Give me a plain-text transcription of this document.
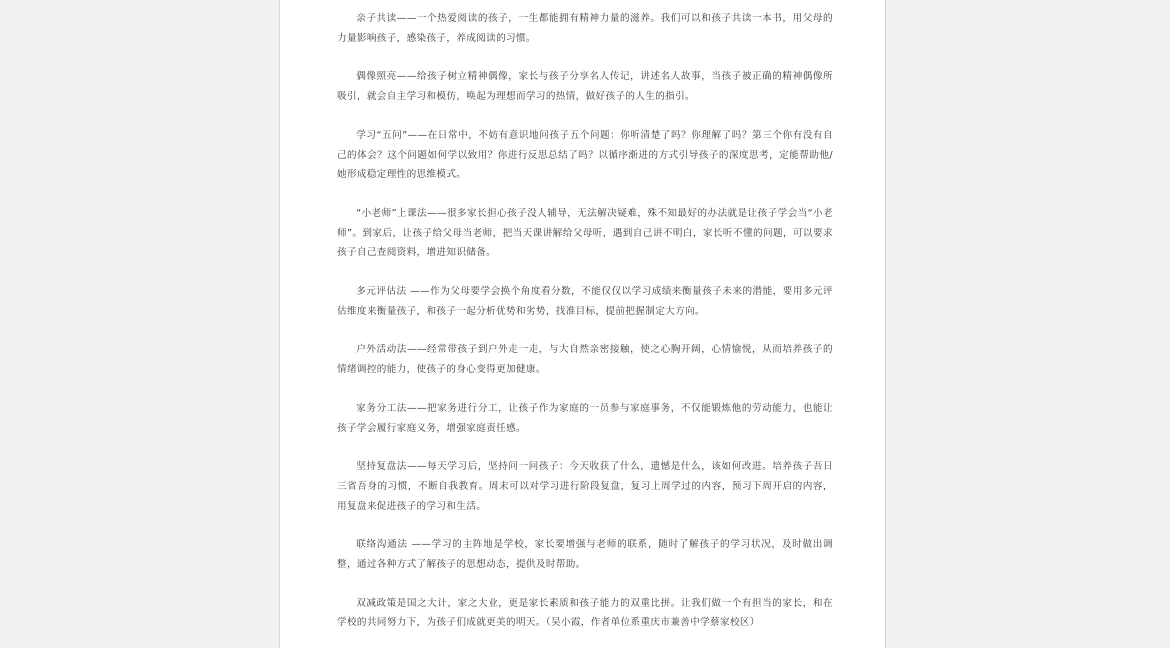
亲子共读——一个热爱阅读的孩子，一生都能拥有精神力量的滋养。我们可以和孩子共读一本书，用父母的力量影响孩子，感染孩子，养成阅读的习惯。

偶像照亮——给孩子树立精神偶像，家长与孩子分享名人传记，讲述名人故事，当孩子被正确的精神偶像所吸引，就会自主学习和模仿，唤起为理想而学习的热情，做好孩子的人生的指引。

学习“五问”——在日常中，不妨有意识地问孩子五个问题：你听清楚了吗？你理解了吗？第三个你有没有自己的体会？这个问题如何学以致用？你进行反思总结了吗？以循序渐进的方式引导孩子的深度思考，定能帮助他/她形成稳定理性的思维模式。

“小老师”上课法——很多家长担心孩子没人辅导，无法解决疑难，殊不知最好的办法就是让孩子学会当“小老师”。到家后，让孩子给父母当老师，把当天课讲解给父母听，遇到自己讲不明白，家长听不懂的问题，可以要求孩子自己查阅资料，增进知识储备。

多元评估法 ——作为父母要学会换个角度看分数，不能仅仅以学习成绩来衡量孩子未来的潜能，要用多元评估维度来衡量孩子，和孩子一起分析优势和劣势，找准目标，提前把握制定大方向。

户外活动法——经常带孩子到户外走一走，与大自然亲密接触，使之心胸开阔，心情愉悦，从而培养孩子的情绪调控的能力，使孩子的身心变得更加健康。

家务分工法——把家务进行分工，让孩子作为家庭的一员参与家庭事务，不仅能锻炼他的劳动能力，也能让孩子学会履行家庭义务，增强家庭责任感。

坚持复盘法——每天学习后，坚持问一问孩子：今天收获了什么，遗憾是什么，该如何改进。培养孩子吾日三省吾身的习惯，不断自我教育。周末可以对学习进行阶段复盘，复习上周学过的内容，预习下周开启的内容，用复盘来促进孩子的学习和生活。

联络沟通法 ——学习的主阵地是学校，家长要增强与老师的联系，随时了解孩子的学习状况，及时做出调整，通过各种方式了解孩子的思想动态，提供及时帮助。

双减政策是国之大计，家之大业，更是家长素质和孩子能力的双重比拼。让我们做一个有担当的家长，和在学校的共同努力下，为孩子们成就更美的明天。（吴小霞，作者单位系重庆市兼善中学蔡家校区）
